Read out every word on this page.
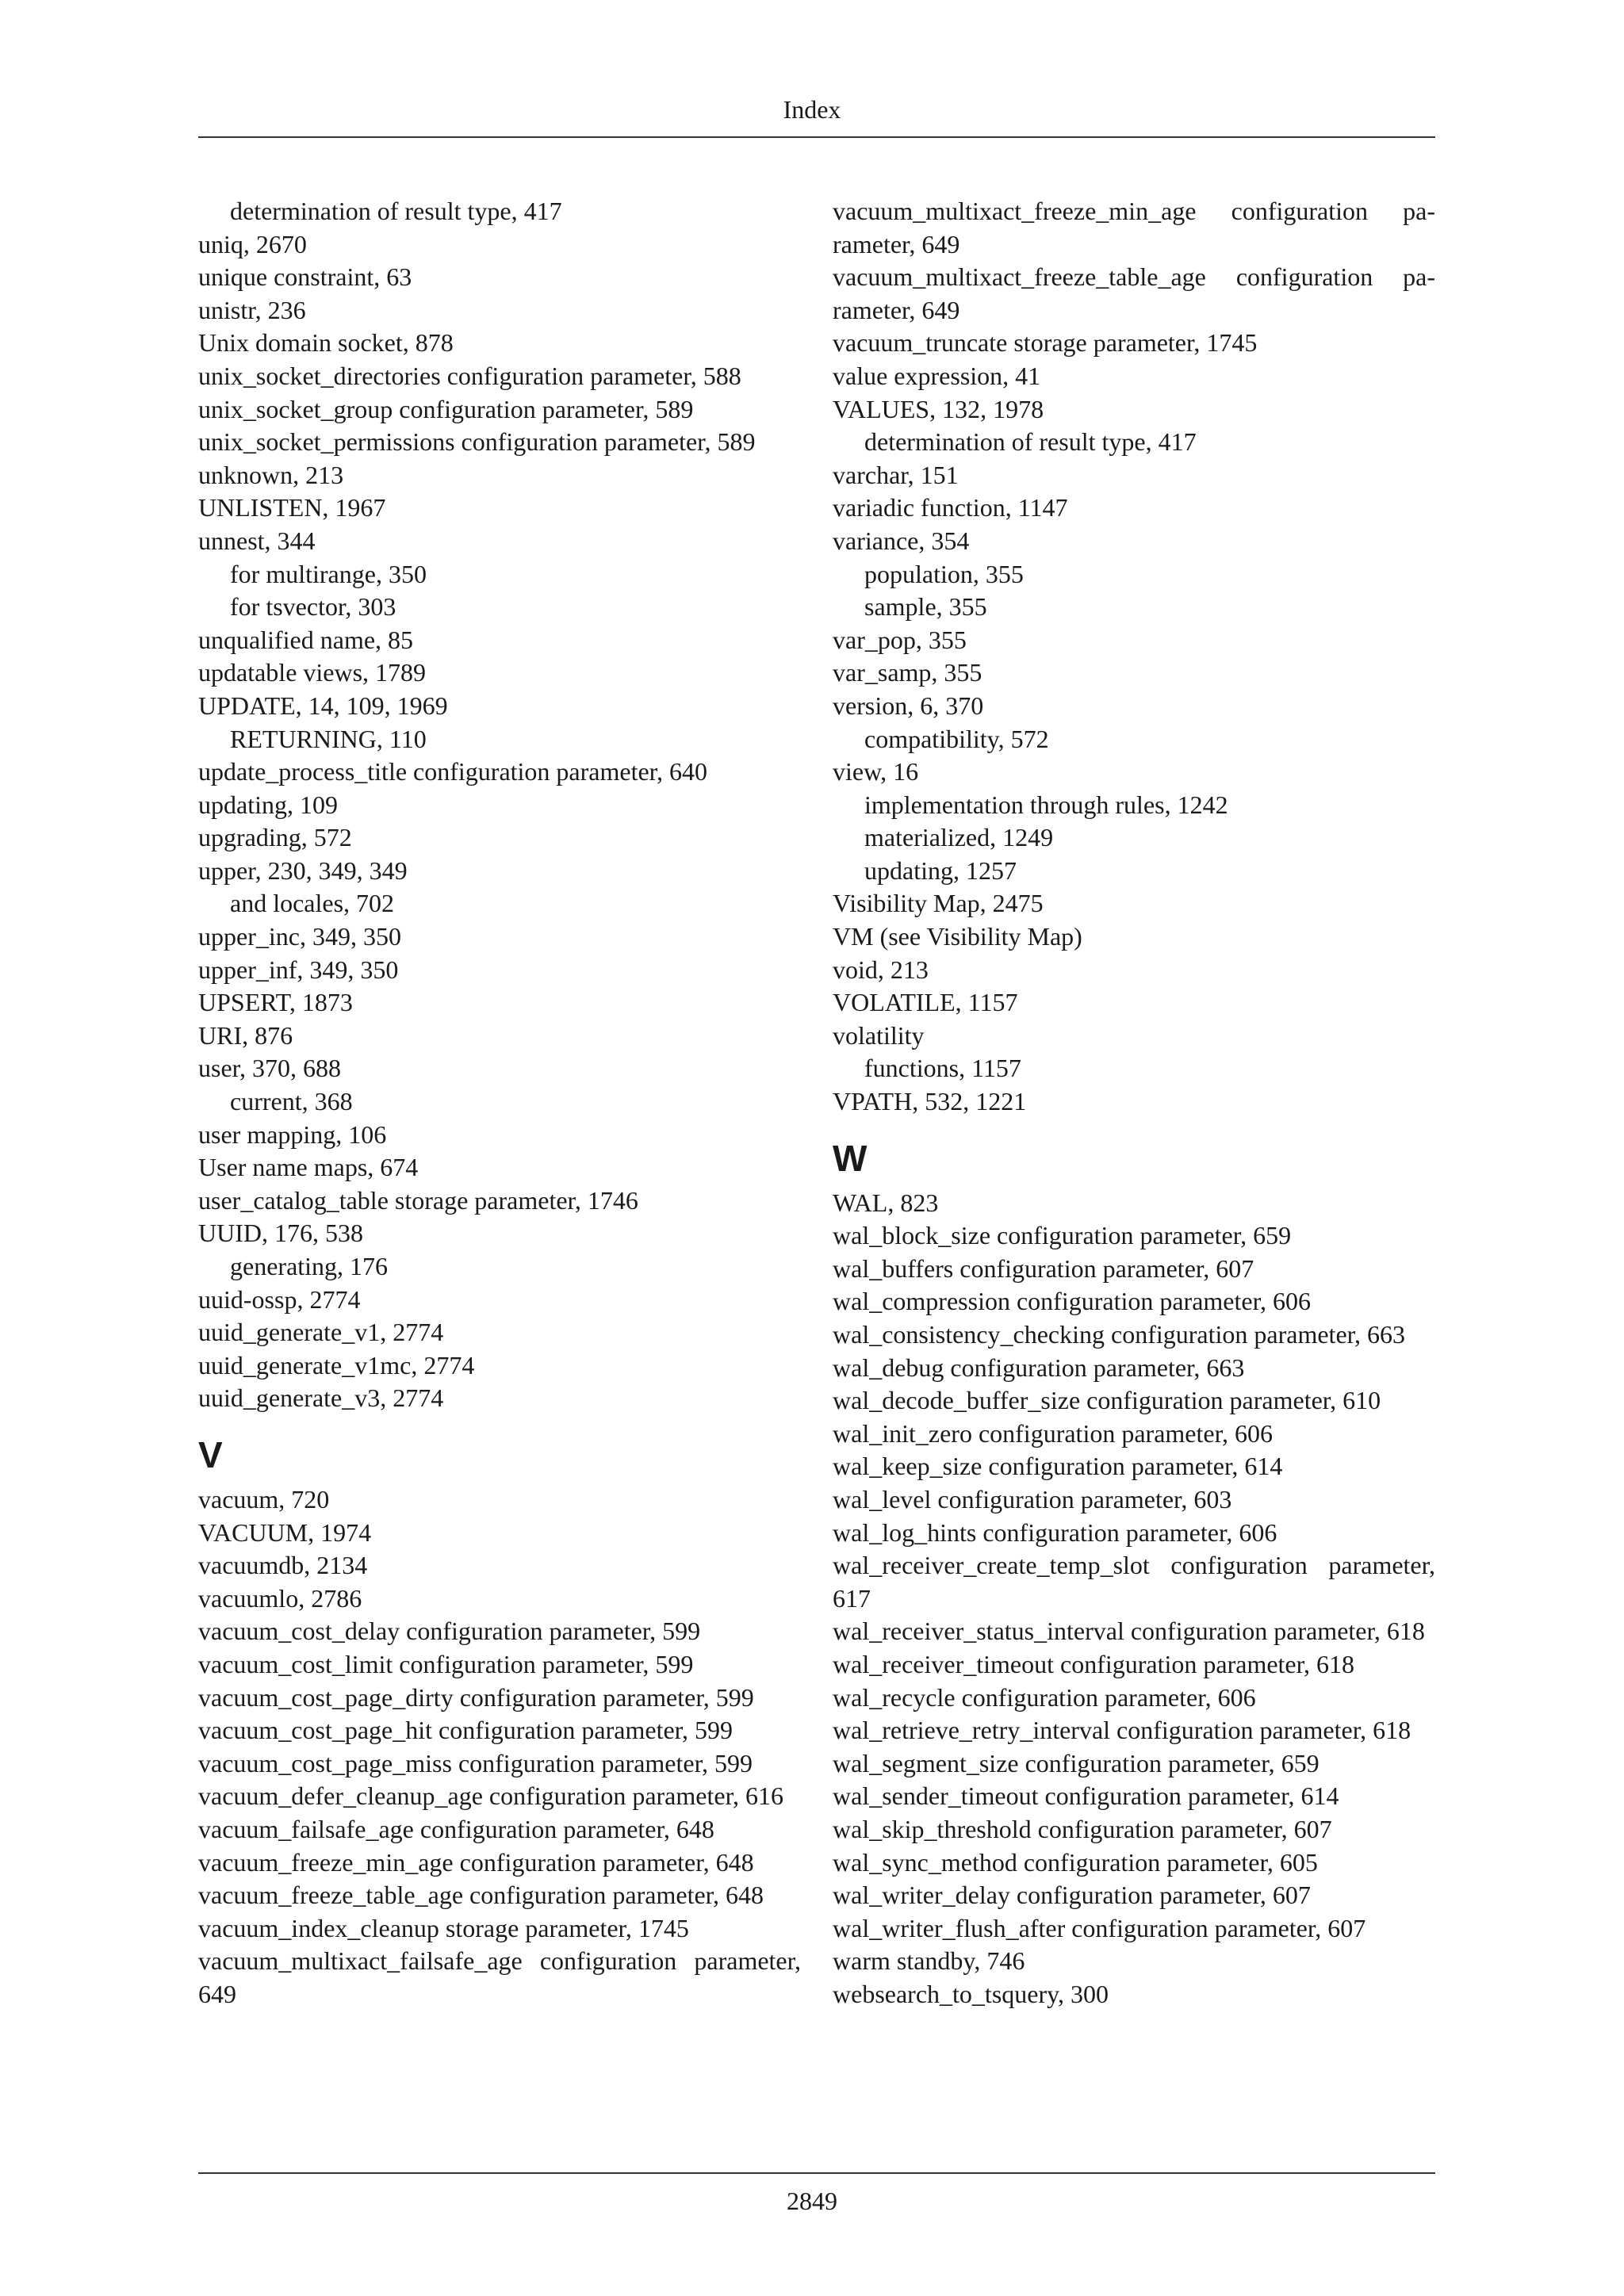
Index
determination of result type, 417
uniq, 2670
unique constraint, 63
unistr, 236
Unix domain socket, 878
unix_socket_directories configuration parameter, 588
unix_socket_group configuration parameter, 589
unix_socket_permissions configuration parameter, 589
unknown, 213
UNLISTEN, 1967
unnest, 344
for multirange, 350
for tsvector, 303
unqualified name, 85
updatable views, 1789
UPDATE, 14, 109, 1969
RETURNING, 110
update_process_title configuration parameter, 640
updating, 109
upgrading, 572
upper, 230, 349, 349
and locales, 702
upper_inc, 349, 350
upper_inf, 349, 350
UPSERT, 1873
URI, 876
user, 370, 688
current, 368
user mapping, 106
User name maps, 674
user_catalog_table storage parameter, 1746
UUID, 176, 538
generating, 176
uuid-ossp, 2774
uuid_generate_v1, 2774
uuid_generate_v1mc, 2774
uuid_generate_v3, 2774
V
vacuum, 720
VACUUM, 1974
vacuumdb, 2134
vacuumlo, 2786
vacuum_cost_delay configuration parameter, 599
vacuum_cost_limit configuration parameter, 599
vacuum_cost_page_dirty configuration parameter, 599
vacuum_cost_page_hit configuration parameter, 599
vacuum_cost_page_miss configuration parameter, 599
vacuum_defer_cleanup_age configuration parameter, 616
vacuum_failsafe_age configuration parameter, 648
vacuum_freeze_min_age configuration parameter, 648
vacuum_freeze_table_age configuration parameter, 648
vacuum_index_cleanup storage parameter, 1745
vacuum_multixact_failsafe_age configuration parameter, 649
vacuum_multixact_freeze_min_age configuration parameter, 649
vacuum_multixact_freeze_table_age configuration parameter, 649
vacuum_truncate storage parameter, 1745
value expression, 41
VALUES, 132, 1978
determination of result type, 417
varchar, 151
variadic function, 1147
variance, 354
population, 355
sample, 355
var_pop, 355
var_samp, 355
version, 6, 370
compatibility, 572
view, 16
implementation through rules, 1242
materialized, 1249
updating, 1257
Visibility Map, 2475
VM (see Visibility Map)
void, 213
VOLATILE, 1157
volatility
functions, 1157
VPATH, 532, 1221
W
WAL, 823
wal_block_size configuration parameter, 659
wal_buffers configuration parameter, 607
wal_compression configuration parameter, 606
wal_consistency_checking configuration parameter, 663
wal_debug configuration parameter, 663
wal_decode_buffer_size configuration parameter, 610
wal_init_zero configuration parameter, 606
wal_keep_size configuration parameter, 614
wal_level configuration parameter, 603
wal_log_hints configuration parameter, 606
wal_receiver_create_temp_slot configuration parameter, 617
wal_receiver_status_interval configuration parameter, 618
wal_receiver_timeout configuration parameter, 618
wal_recycle configuration parameter, 606
wal_retrieve_retry_interval configuration parameter, 618
wal_segment_size configuration parameter, 659
wal_sender_timeout configuration parameter, 614
wal_skip_threshold configuration parameter, 607
wal_sync_method configuration parameter, 605
wal_writer_delay configuration parameter, 607
wal_writer_flush_after configuration parameter, 607
warm standby, 746
websearch_to_tsquery, 300
2849
